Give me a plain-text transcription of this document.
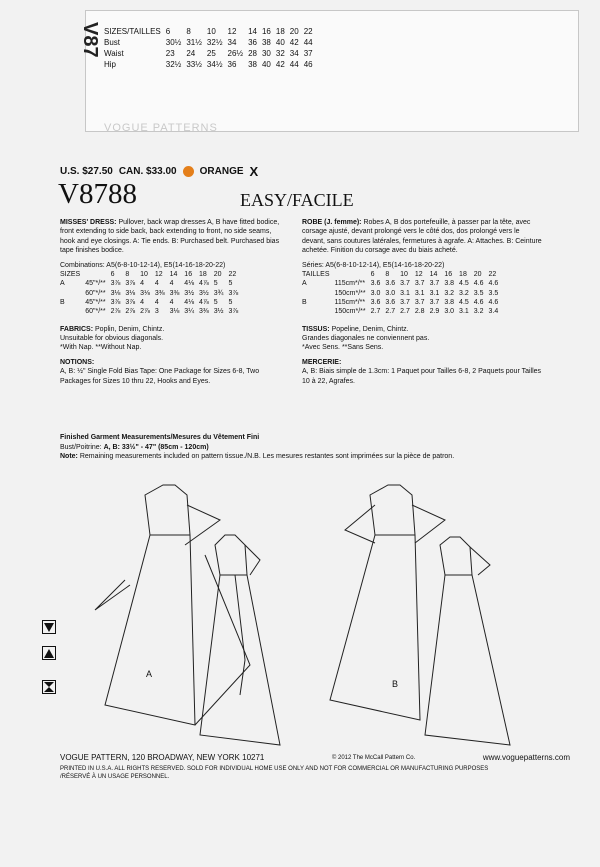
V87 SIZES/TAILLES	6	8	10	12	14	16	18	20	22
Bust	30½	31½	32½	34	36	38	40	42	44
Waist	23	24	25	26½	28	30	32	34	37
Hip	32½	33½	34½	36	38	40	42	44	46
VOGUE PATTERNS
U.S. $27.50 CAN. $33.00 ORANGE X
V8788	EASY/FACILE

MISSES' DRESS: Pullover, back wrap dresses A, B have fitted bodice, front extending to side back, back extending to front, no side seams, hook and eye closings. A: Tie ends. B: Purchased belt. Purchased bias tape finishes bodice.

Combinations: A5(6-8-10-12-14), E5(14-16-18-20-22)
SIZES		6	8	10	12	14	16	18	20	22
A	45"*/**	3⅞	3⅞	4	4	4	4⅛	4⅞	5	5
	60"*/**	3⅛	3⅛	3⅛	3⅜	3⅜	3½	3½	3¾	3⅞
B	45"*/**	3⅞	3⅞	4	4	4	4⅛	4⅞	5	5
	60"*/**	2⅞	2⅞	2⅞	3	3⅛	3¼	3⅜	3½	3⅞

FABRICS: Poplin, Denim, Chintz.
Unsuitable for obvious diagonals.
*With Nap. **Without Nap.

NOTIONS:
A, B: ½" Single Fold Bias Tape: One Package for Sizes 6-8, Two Packages for Sizes 10 thru 22, Hooks and Eyes.

ROBE (J. femme): Robes A, B dos portefeuille, à passer par la tête, avec corsage ajusté, devant prolongé vers le côté dos, dos prolongé vers le devant, sans coutures latérales, fermetures à agrafe. A: Attaches. B: Ceinture achetée. Finition du corsage avec du biais acheté.

Séries: A5(6-8-10-12-14), E5(14-16-18-20-22)
TAILLES		6	8	10	12	14	16	18	20	22
A	115cm*/**	3.6	3.6	3.7	3.7	3.7	3.8	4.5	4.6	4.6
	150cm*/**	3.0	3.0	3.1	3.1	3.1	3.2	3.2	3.5	3.5
B	115cm*/**	3.6	3.6	3.7	3.7	3.7	3.8	4.5	4.6	4.6
	150cm*/**	2.7	2.7	2.7	2.8	2.9	3.0	3.1	3.2	3.4

TISSUS: Popeline, Denim, Chintz.
Grandes diagonales ne conviennent pas.
*Avec Sens. **Sans Sens.

MERCERIE:
A, B: Biais simple de 1.3cm: 1 Paquet pour Tailles 6-8, 2 Paquets pour Tailles 10 à 22, Agrafes.

Finished Garment Measurements/Mesures du Vêtement Fini
Bust/Poitrine: A, B: 33½" - 47" (85cm - 120cm)
Note: Remaining measurements included on pattern tissue./N.B. Les mesures restantes sont imprimées sur la pièce de patron.
A
B
VOGUE PATTERN, 120 BROADWAY, NEW YORK 10271	© 2012 The McCall Pattern Co.	www.voguepatterns.com
PRINTED IN U.S.A. ALL RIGHTS RESERVED. SOLD FOR INDIVIDUAL HOME USE ONLY AND NOT FOR COMMERCIAL OR MANUFACTURING PURPOSES
/RÉSERVÉ À UN USAGE PERSONNEL.
